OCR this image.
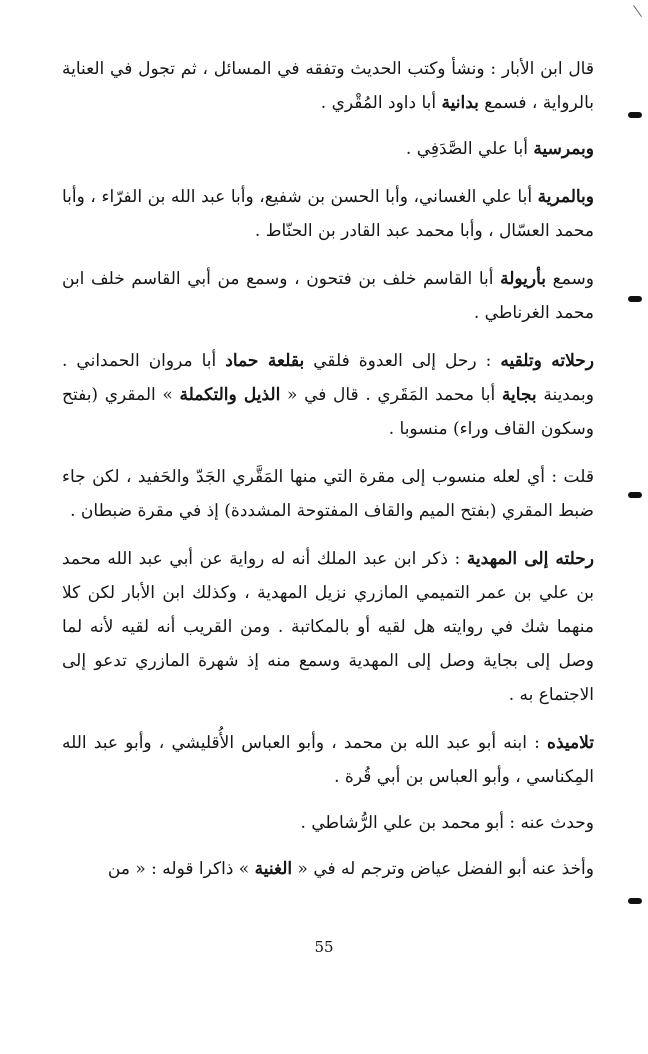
قال ابن الأبار : ونشأ وكتب الحديث وتفقه في المسائل ، ثم تجول في العناية بالرواية ، فسمع بدانية أبا داود المُقْري .

وبمرسية أبا علي الصَّدَفِي .

وبالمرية أبا علي الغساني، وأبا الحسن بن شفيع، وأبا عبد الله بن الفرّاء ، وأبا محمد العسّال ، وأبا محمد عبد القادر بن الحنّاط .

وسمع بأريولة أبا القاسم خلف بن فتحون ، وسمع من أبي القاسم خلف ابن محمد الغرناطي .

رحلاته وتلقيه : رحل إلى العدوة فلقي بقلعة حماد أبا مروان الحمداني . وبمدينة بجاية أبا محمد المَقَري . قال في « الذيل والتكملة » المقري (بفتح وسكون القاف وراء) منسوبا .

قلت : أي لعله منسوب إلى مقرة التي منها المَقَّري الجَدّ والحَفيد ، لكن جاء ضبط المقري (بفتح الميم والقاف المفتوحة المشددة) إذ في مقرة ضبطان .

رحلته إلى المهدية : ذكر ابن عبد الملك أنه له رواية عن أبي عبد الله محمد بن علي بن عمر التميمي المازري نزيل المهدية ، وكذلك ابن الأبار لكن كلا منهما شك في روايته هل لقيه أو بالمكاتبة . ومن القريب أنه لقيه لأنه لما وصل إلى بجاية وصل إلى المهدية وسمع منه إذ شهرة المازري تدعو إلى الاجتماع به .

تلاميذه : ابنه أبو عبد الله بن محمد ، وأبو العباس الأُقليشي ، وأبو عبد الله المِكناسي ، وأبو العباس بن أبي قُرة .

وحدث عنه : أبو محمد بن علي الرُّشاطي .

وأخذ عنه أبو الفضل عياض وترجم له في « الغنية » ذاكرا قوله : « من

55
